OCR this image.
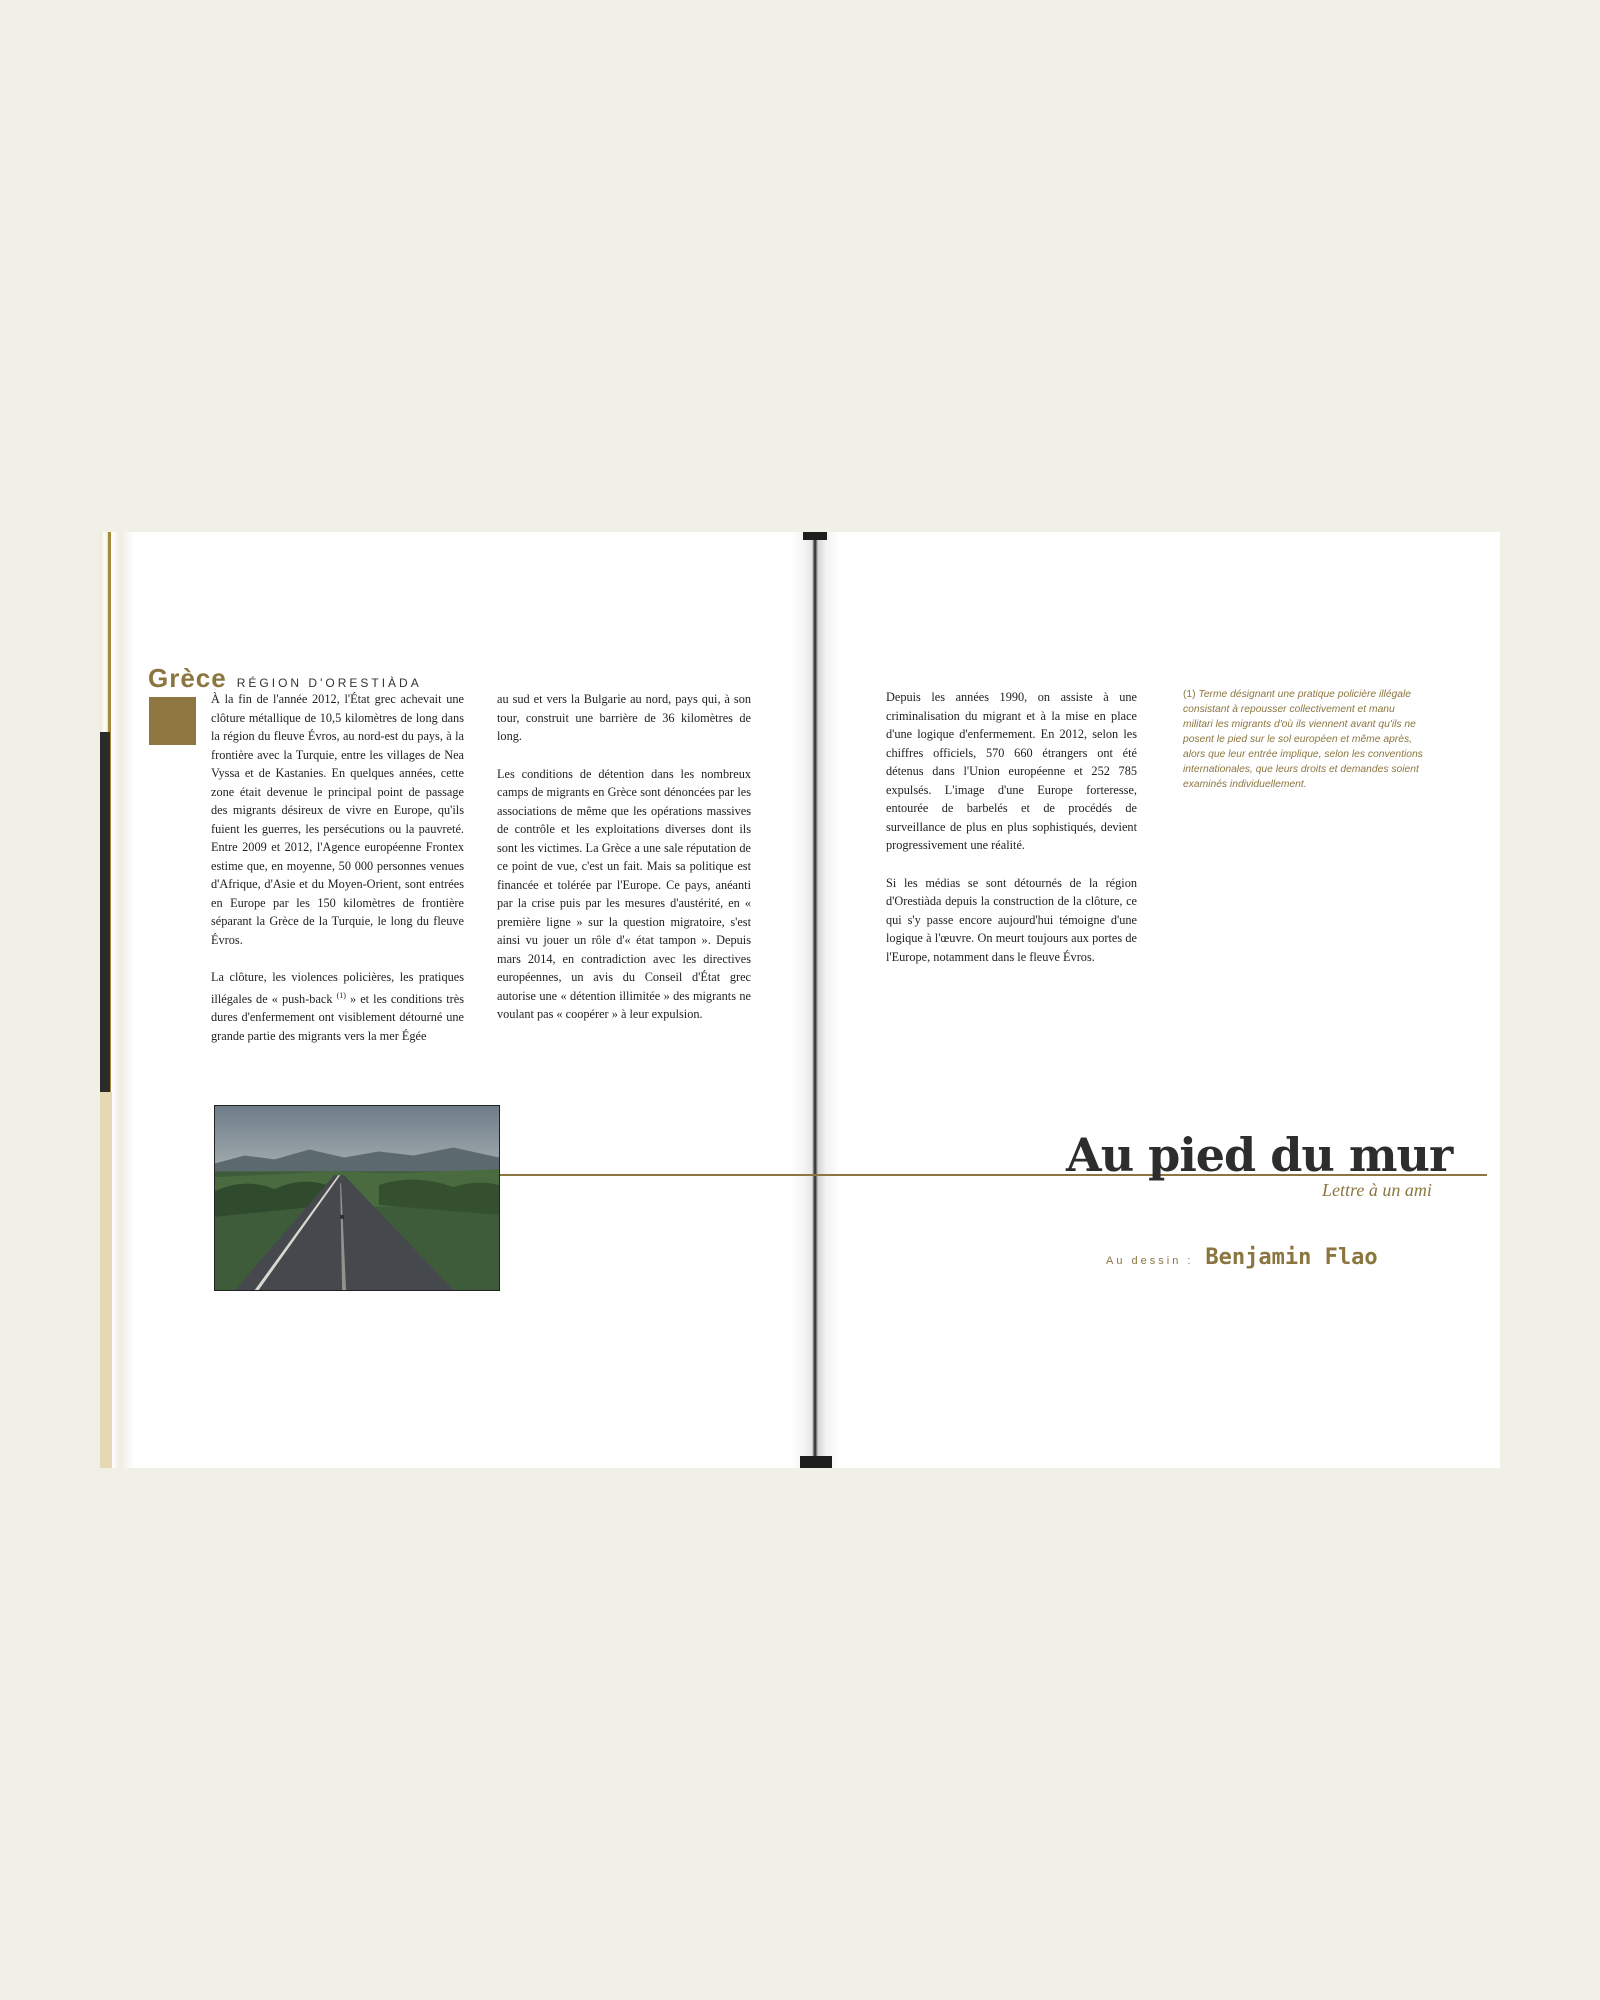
Grèce RÉGION D'ORESTIÀDA

À la fin de l'année 2012, l'État grec achevait une clôture métallique de 10,5 kilomètres de long dans la région du fleuve Évros, au nord-est du pays, à la frontière avec la Turquie, entre les villages de Nea Vyssa et de Kastanies. En quelques années, cette zone était devenue le principal point de passage des migrants désireux de vivre en Europe, qu'ils fuient les guerres, les persécutions ou la pauvreté. Entre 2009 et 2012, l'Agence européenne Frontex estime que, en moyenne, 50 000 personnes venues d'Afrique, d'Asie et du Moyen-Orient, sont entrées en Europe par les 150 kilomètres de frontière séparant la Grèce de la Turquie, le long du fleuve Évros.

La clôture, les violences policières, les pratiques illégales de « push-back $^{(1)}$ » et les conditions très dures d'enfermement ont visiblement détourné une grande partie des migrants vers la mer Égée

au sud et vers la Bulgarie au nord, pays qui, à son tour, construit une barrière de 36 kilomètres de long.

Les conditions de détention dans les nombreux camps de migrants en Grèce sont dénoncées par les associations de même que les opérations massives de contrôle et les exploitations diverses dont ils sont les victimes. La Grèce a une sale réputation de ce point de vue, c'est un fait. Mais sa politique est financée et tolérée par l'Europe. Ce pays, anéanti par la crise puis par les mesures d'austérité, en « première ligne » sur la question migratoire, s'est ainsi vu jouer un rôle d'« état tampon ». Depuis mars 2014, en contradiction avec les directives européennes, un avis du Conseil d'État grec autorise une « détention illimitée » des migrants ne voulant pas « coopérer » à leur expulsion.

Depuis les années 1990, on assiste à une criminalisation du migrant et à la mise en place d'une logique d'enfermement. En 2012, selon les chiffres officiels, 570 660 étrangers ont été détenus dans l'Union européenne et 252 785 expulsés. L'image d'une Europe forteresse, entourée de barbelés et de procédés de surveillance de plus en plus sophistiqués, devient progressivement une réalité.

Si les médias se sont détournés de la région d'Orestiàda depuis la construction de la clôture, ce qui s'y passe encore aujourd'hui témoigne d'une logique à l'œuvre. On meurt toujours aux portes de l'Europe, notamment dans le fleuve Évros.

(1) Terme désignant une pratique policière illégale consistant à repousser collectivement et manu militari les migrants d'où ils viennent avant qu'ils ne posent le pied sur le sol européen et même après, alors que leur entrée implique, selon les conventions internationales, que leurs droits et demandes soient examinés individuellement.
Au pied du mur
Lettre à un ami
Au dessin : Benjamin Flao
